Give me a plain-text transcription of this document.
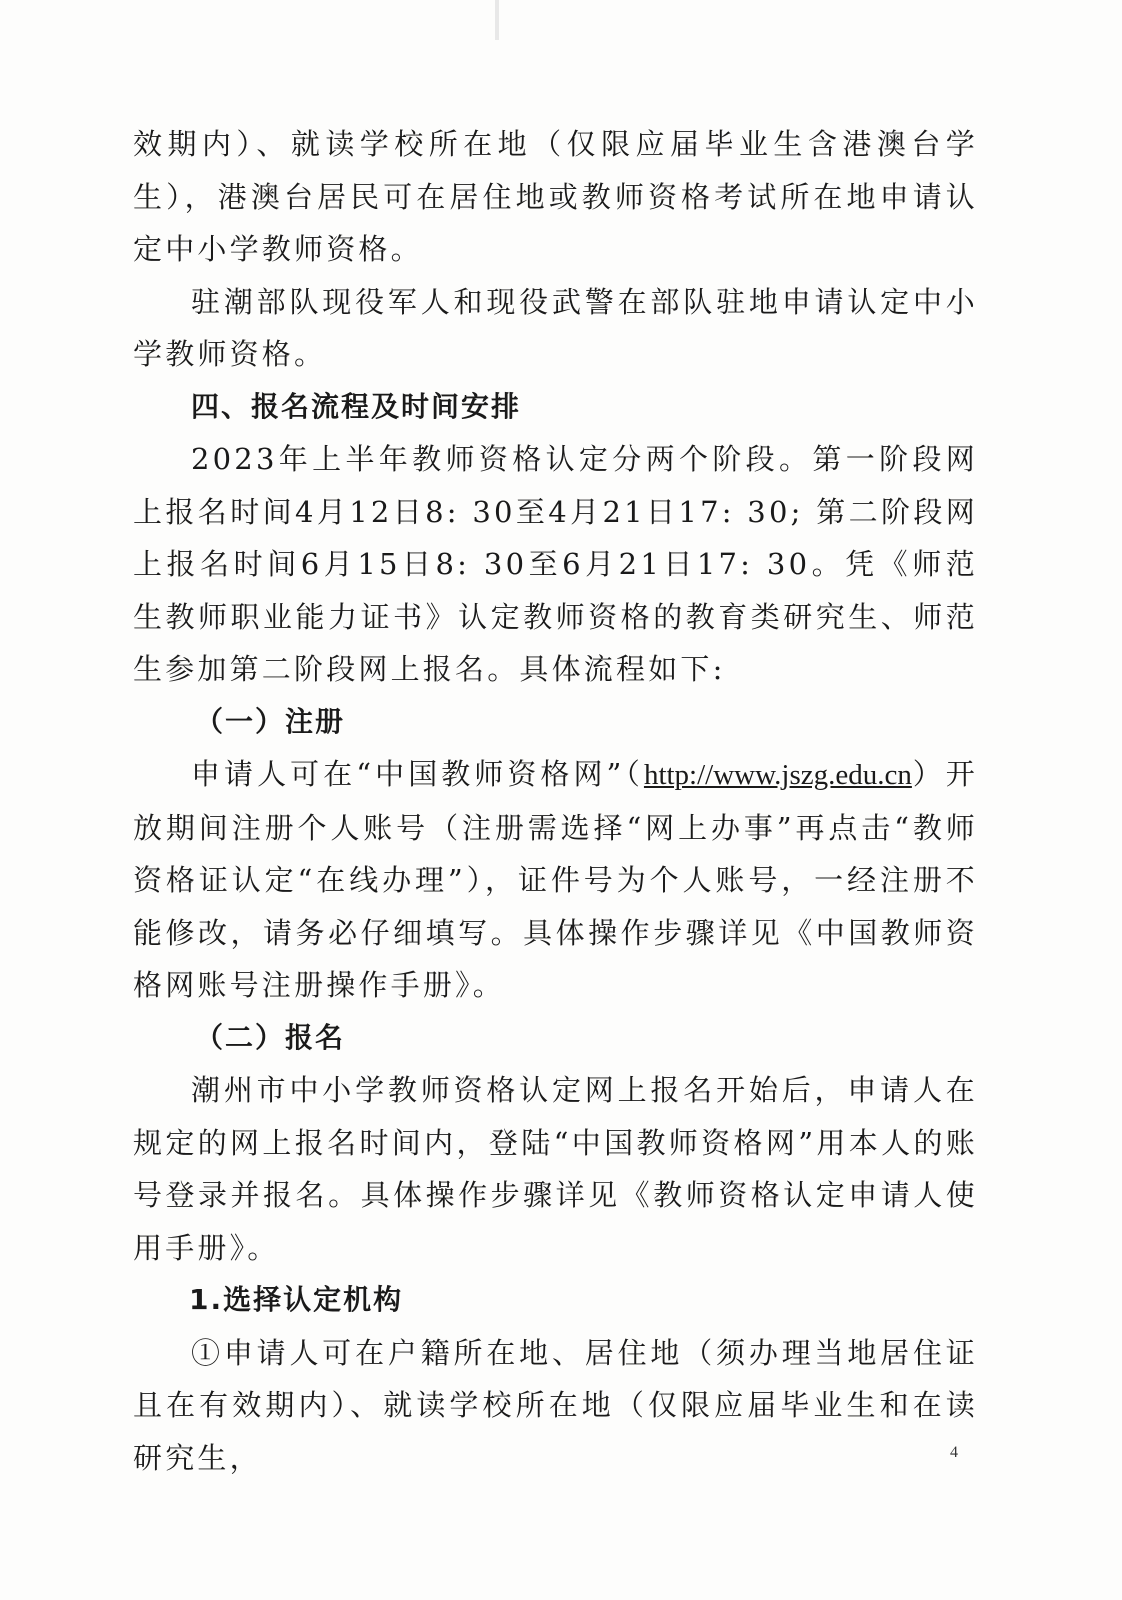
效期内）、就读学校所在地（仅限应届毕业生含港澳台学生），港澳台居民可在居住地或教师资格考试所在地申请认定中小学教师资格。

驻潮部队现役军人和现役武警在部队驻地申请认定中小学教师资格。

四、报名流程及时间安排

2023年上半年教师资格认定分两个阶段。第一阶段网上报名时间4月12日8: 30至4月21日17: 30; 第二阶段网上报名时间6月15日8: 30至6月21日17: 30。凭《师范生教师职业能力证书》认定教师资格的教育类研究生、师范生参加第二阶段网上报名。具体流程如下:

（一）注册

申请人可在“中国教师资格网”（http://www.jszg.edu.cn）开放期间注册个人账号（注册需选择“网上办事”再点击“教师资格证认定“在线办理”），证件号为个人账号，一经注册不能修改，请务必仔细填写。具体操作步骤详见《中国教师资格网账号注册操作手册》。

（二）报名

潮州市中小学教师资格认定网上报名开始后，申请人在规定的网上报名时间内，登陆“中国教师资格网”用本人的账号登录并报名。具体操作步骤详见《教师资格认定申请人使用手册》。

1.选择认定机构

①申请人可在户籍所在地、居住地（须办理当地居住证且在有效期内）、就读学校所在地（仅限应届毕业生和在读研究生，	4
